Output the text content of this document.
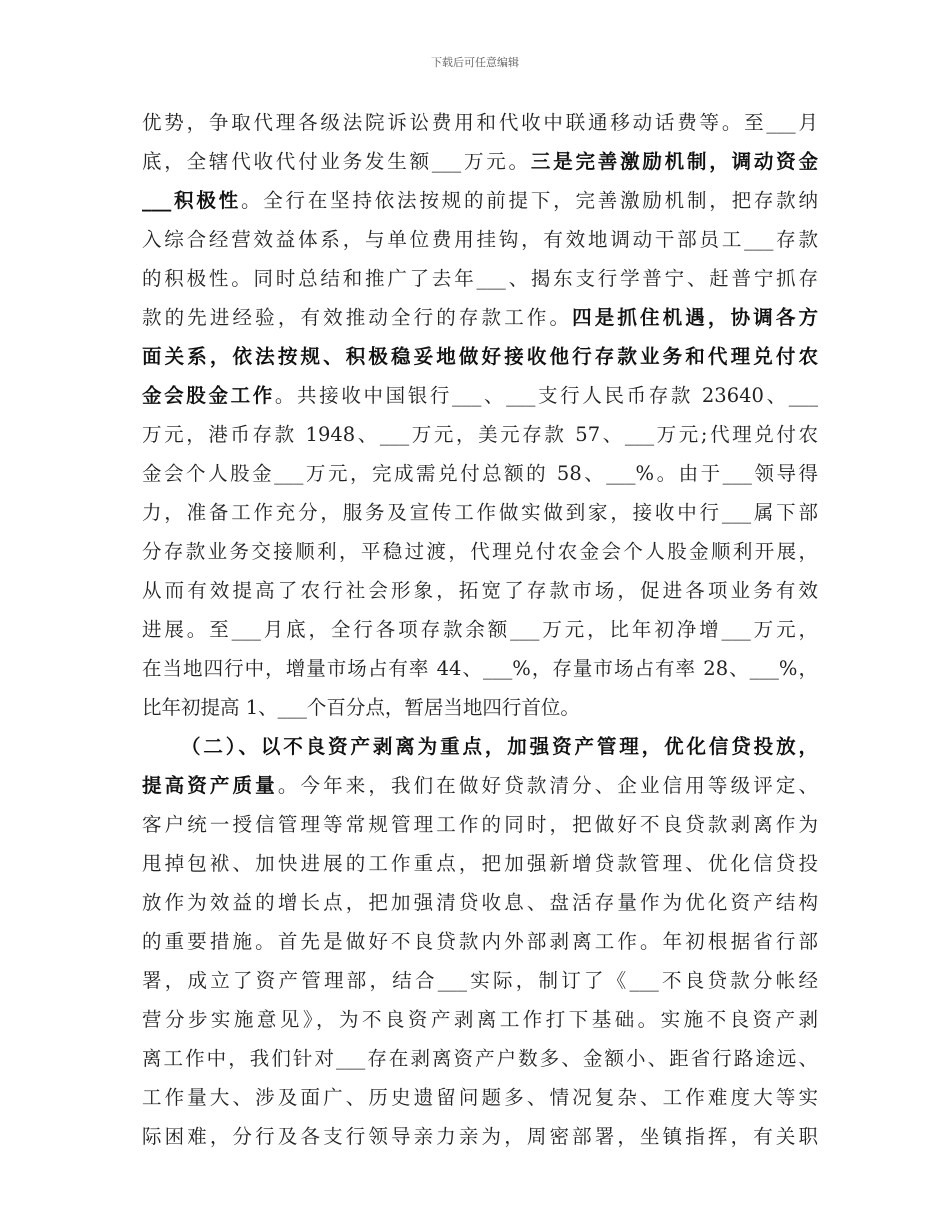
下载后可任意编辑
优势，争取代理各级法院诉讼费用和代收中联通移动话费等。至___月
底，全辖代收代付业务发生额___万元。三是完善激励机制，调动资金
___积极性。全行在坚持依法按规的前提下，完善激励机制，把存款纳
入综合经营效益体系，与单位费用挂钩，有效地调动干部员工___存款
的积极性。同时总结和推广了去年___、揭东支行学普宁、赶普宁抓存
款的先进经验，有效推动全行的存款工作。四是抓住机遇，协调各方
面关系，依法按规、积极稳妥地做好接收他行存款业务和代理兑付农
金会股金工作。共接收中国银行___、___支行人民币存款 23640、___
万元，港币存款 1948、___万元，美元存款 57、___万元;代理兑付农
金会个人股金___万元，完成需兑付总额的 58、___%。由于___领导得
力，准备工作充分，服务及宣传工作做实做到家，接收中行___属下部
分存款业务交接顺利，平稳过渡，代理兑付农金会个人股金顺利开展，
从而有效提高了农行社会形象，拓宽了存款市场，促进各项业务有效
进展。至___月底，全行各项存款余额___万元，比年初净增___万元，
在当地四行中，增量市场占有率 44、___%，存量市场占有率 28、___%，
比年初提高 1、___个百分点，暂居当地四行首位。
（二）、以不良资产剥离为重点，加强资产管理，优化信贷投放，
提高资产质量。今年来，我们在做好贷款清分、企业信用等级评定、
客户统一授信管理等常规管理工作的同时，把做好不良贷款剥离作为
甩掉包袱、加快进展的工作重点，把加强新增贷款管理、优化信贷投
放作为效益的增长点，把加强清贷收息、盘活存量作为优化资产结构
的重要措施。首先是做好不良贷款内外部剥离工作。年初根据省行部
署，成立了资产管理部，结合___实际，制订了《___不良贷款分帐经
营分步实施意见》，为不良资产剥离工作打下基础。实施不良资产剥
离工作中，我们针对___存在剥离资产户数多、金额小、距省行路途远、
工作量大、涉及面广、历史遗留问题多、情况复杂、工作难度大等实
际困难，分行及各支行领导亲力亲为，周密部署，坐镇指挥，有关职
